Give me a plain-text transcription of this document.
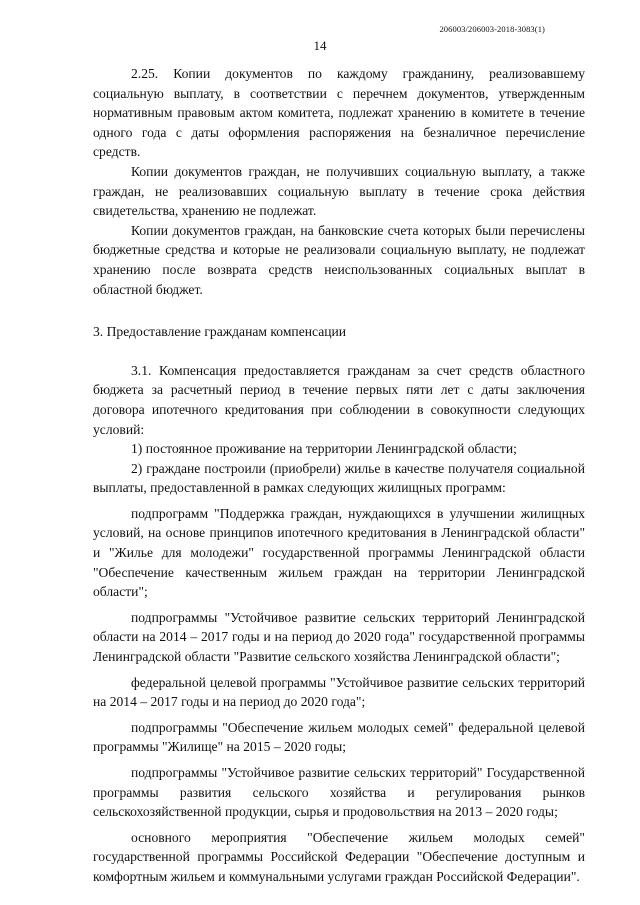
206003/206003-2018-3083(1)
14

2.25. Копии документов по каждому гражданину, реализовавшему социальную выплату, в соответствии с перечнем документов, утвержденным нормативным правовым актом комитета, подлежат хранению в комитете в течение одного года с даты оформления распоряжения на безналичное перечисление средств.

Копии документов граждан, не получивших социальную выплату, а также граждан, не реализовавших социальную выплату в течение срока действия свидетельства, хранению не подлежат.

Копии документов граждан, на банковские счета которых были перечислены бюджетные средства и которые не реализовали социальную выплату, не подлежат хранению после возврата средств неиспользованных социальных выплат в областной бюджет.

3. Предоставление гражданам компенсации

3.1. Компенсация предоставляется гражданам за счет средств областного бюджета за расчетный период в течение первых пяти лет с даты заключения договора ипотечного кредитования при соблюдении в совокупности следующих условий:

1) постоянное проживание на территории Ленинградской области;

2) граждане построили (приобрели) жилье в качестве получателя социальной выплаты, предоставленной в рамках следующих жилищных программ:

подпрограмм "Поддержка граждан, нуждающихся в улучшении жилищных условий, на основе принципов ипотечного кредитования в Ленинградской области" и "Жилье для молодежи" государственной программы Ленинградской области "Обеспечение качественным жильем граждан на территории Ленинградской области";

подпрограммы "Устойчивое развитие сельских территорий Ленинградской области на 2014 – 2017 годы и на период до 2020 года" государственной программы Ленинградской области "Развитие сельского хозяйства Ленинградской области";

федеральной целевой программы "Устойчивое развитие сельских территорий на 2014 – 2017 годы и на период до 2020 года";

подпрограммы "Обеспечение жильем молодых семей" федеральной целевой программы "Жилище" на 2015 – 2020 годы;

подпрограммы "Устойчивое развитие сельских территорий" Государственной программы развития сельского хозяйства и регулирования рынков сельскохозяйственной продукции, сырья и продовольствия на 2013 – 2020 годы;

основного мероприятия "Обеспечение жильем молодых семей" государственной программы Российской Федерации "Обеспечение доступным и комфортным жильем и коммунальными услугами граждан Российской Федерации".
